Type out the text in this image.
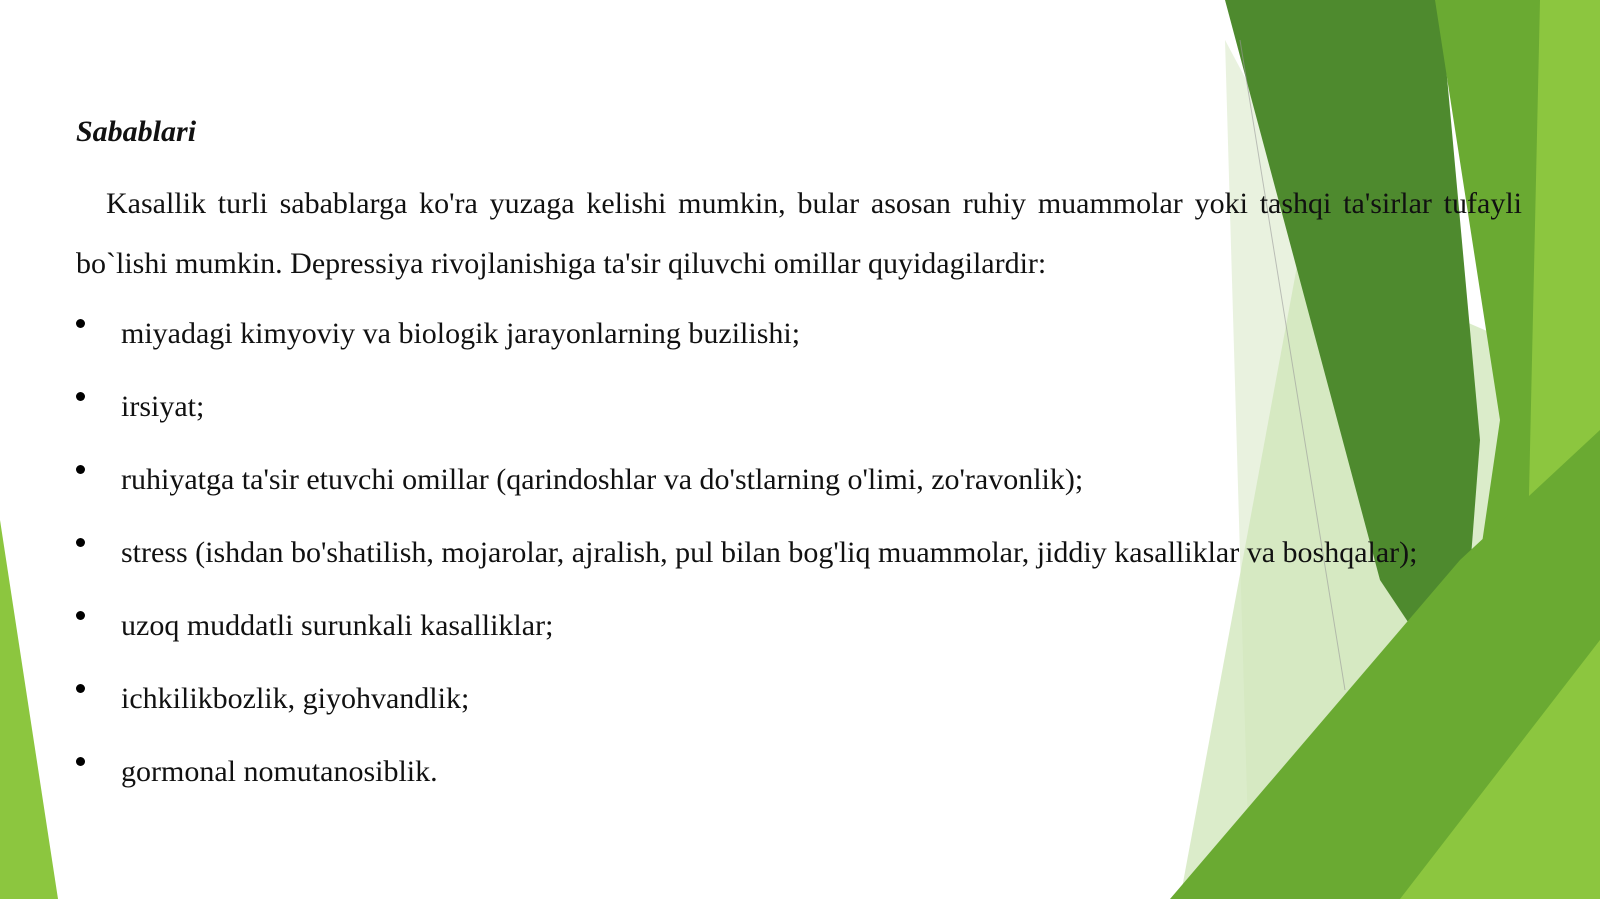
Sabablari

Kasallik turli sabablarga ko'ra yuzaga kelishi mumkin, bular asosan ruhiy muammolar yoki tashqi ta'sirlar tufayli bo`lishi mumkin. Depressiya rivojlanishiga ta'sir qiluvchi omillar quyidagilardir:

miyadagi kimyoviy va biologik jarayonlarning buzilishi;
irsiyat;
ruhiyatga ta'sir etuvchi omillar (qarindoshlar va do'stlarning o'limi, zo'ravonlik);
stress (ishdan bo'shatilish, mojarolar, ajralish, pul bilan bog'liq muammolar, jiddiy kasalliklar va boshqalar);
uzoq muddatli surunkali kasalliklar;
ichkilikbozlik, giyohvandlik;
gormonal nomutanosiblik.
